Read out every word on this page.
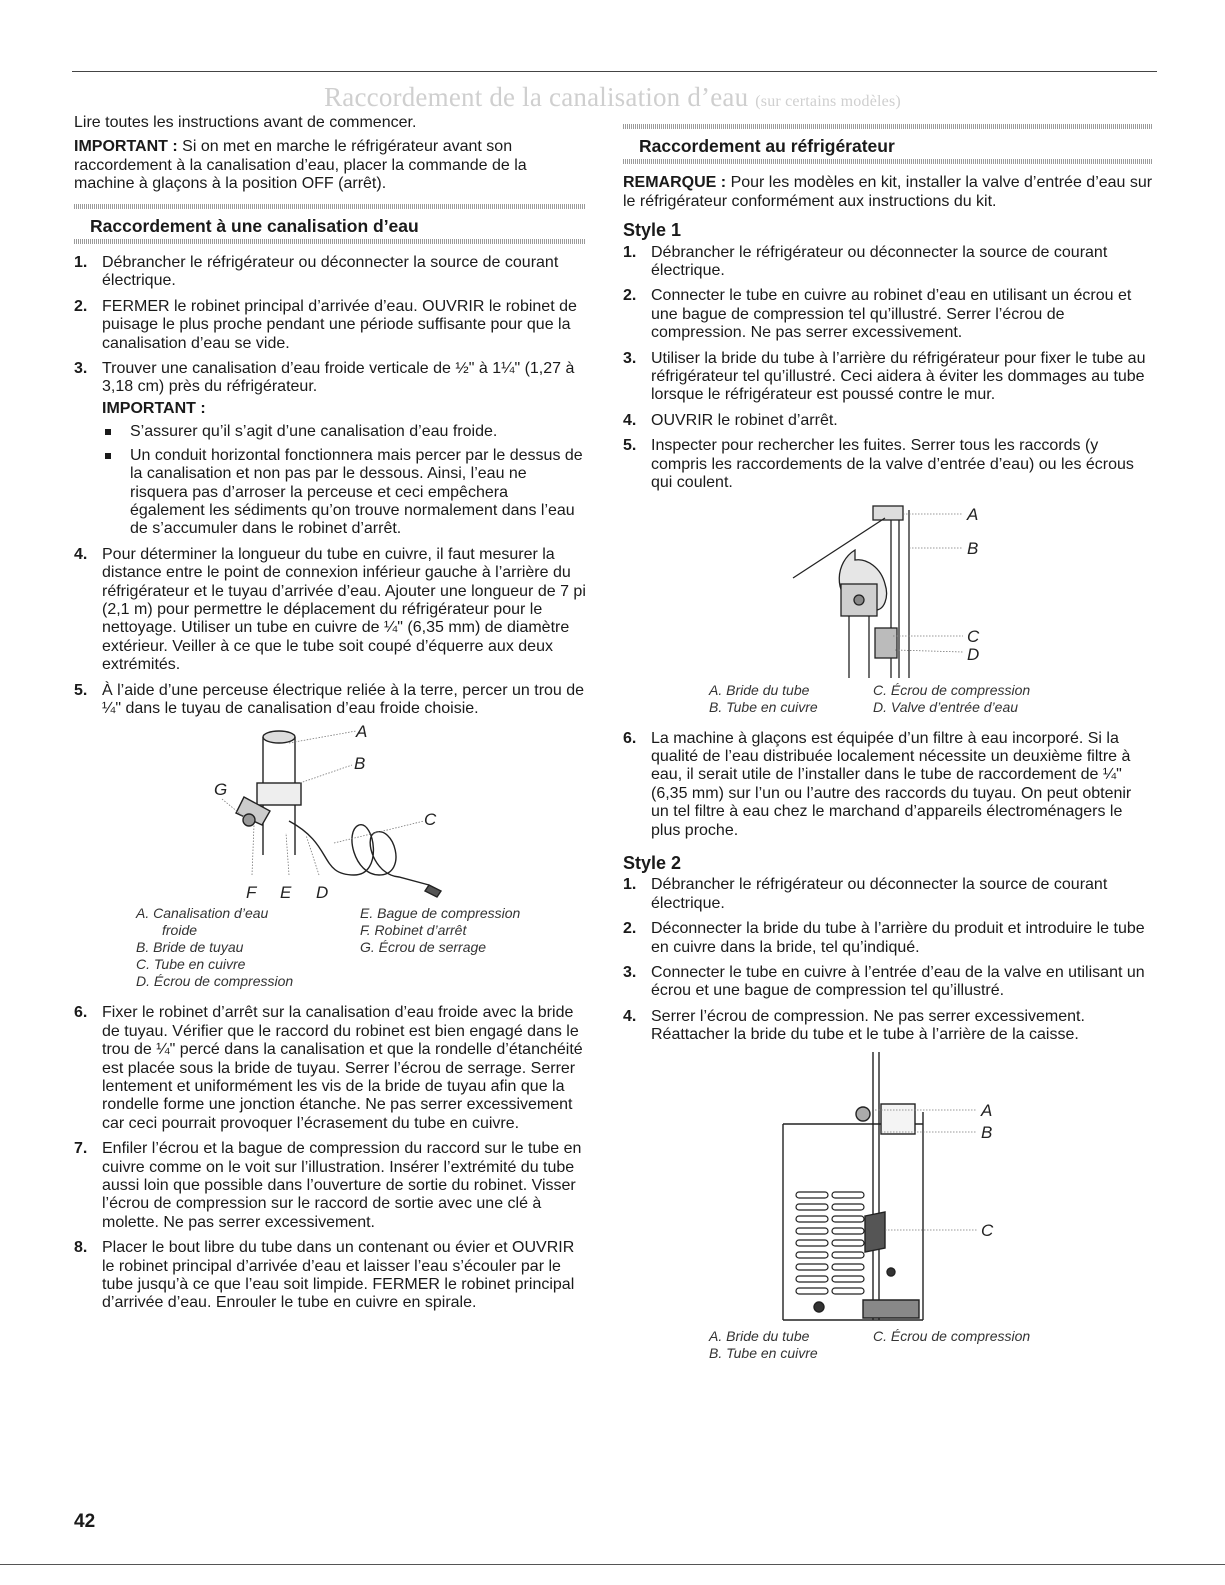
Raccordement de la canalisation d’eau (sur certains modèles)

Lire toutes les instructions avant de commencer.

IMPORTANT : Si on met en marche le réfrigérateur avant son raccordement à la canalisation d’eau, placer la commande de la machine à glaçons à la position OFF (arrêt).

Raccordement à une canalisation d’eau
1. Débrancher le réfrigérateur ou déconnecter la source de courant électrique.
2. FERMER le robinet principal d’arrivée d’eau. OUVRIR le robinet de puisage le plus proche pendant une période suffisante pour que la canalisation d’eau se vide.
3. Trouver une canalisation d’eau froide verticale de ½" à 1¼" (1,27 à 3,18 cm) près du réfrigérateur.
IMPORTANT :
S’assurer qu’il s’agit d’une canalisation d’eau froide.
Un conduit horizontal fonctionnera mais percer par le dessus de la canalisation et non pas par le dessous. Ainsi, l’eau ne risquera pas d’arroser la perceuse et ceci empêchera également les sédiments qu’on trouve normalement dans l’eau de s’accumuler dans le robinet d’arrêt.
4. Pour déterminer la longueur du tube en cuivre, il faut mesurer la distance entre le point de connexion inférieur gauche à l’arrière du réfrigérateur et le tuyau d’arrivée d’eau. Ajouter une longueur de 7 pi (2,1 m) pour permettre le déplacement du réfrigérateur pour le nettoyage. Utiliser un tube en cuivre de ¼" (6,35 mm) de diamètre extérieur. Veiller à ce que le tube soit coupé d’équerre aux deux extrémités.
5. À l’aide d’une perceuse électrique reliée à la terre, percer un trou de ¼" dans le tuyau de canalisation d’eau froide choisie.
A
B
C
G
F E D
A. Canalisation d’eau	E. Bague de compression
froide	F. Robinet d’arrêt
B. Bride de tuyau	G. Écrou de serrage
C. Tube en cuivre
D. Écrou de compression
6. Fixer le robinet d’arrêt sur la canalisation d’eau froide avec la bride de tuyau. Vérifier que le raccord du robinet est bien engagé dans le trou de ¼" percé dans la canalisation et que la rondelle d’étanchéité est placée sous la bride de tuyau. Serrer l’écrou de serrage. Serrer lentement et uniformément les vis de la bride de tuyau afin que la rondelle forme une jonction étanche. Ne pas serrer excessivement car ceci pourrait provoquer l’écrasement du tube en cuivre.
7. Enfiler l’écrou et la bague de compression du raccord sur le tube en cuivre comme on le voit sur l’illustration. Insérer l’extrémité du tube aussi loin que possible dans l’ouverture de sortie du robinet. Visser l’écrou de compression sur le raccord de sortie avec une clé à molette. Ne pas serrer excessivement.
8. Placer le bout libre du tube dans un contenant ou évier et OUVRIR le robinet principal d’arrivée d’eau et laisser l’eau s’écouler par le tube jusqu’à ce que l’eau soit limpide. FERMER le robinet principal d’arrivée d’eau. Enrouler le tube en cuivre en spirale.
Raccordement au réfrigérateur

REMARQUE : Pour les modèles en kit, installer la valve d’entrée d’eau sur le réfrigérateur conformément aux instructions du kit.

Style 1
1. Débrancher le réfrigérateur ou déconnecter la source de courant électrique.
2. Connecter le tube en cuivre au robinet d’eau en utilisant un écrou et une bague de compression tel qu’illustré. Serrer l’écrou de compression. Ne pas serrer excessivement.
3. Utiliser la bride du tube à l’arrière du réfrigérateur pour fixer le tube au réfrigérateur tel qu’illustré. Ceci aidera à éviter les dommages au tube lorsque le réfrigérateur est poussé contre le mur.
4. OUVRIR le robinet d’arrêt.
5. Inspecter pour rechercher les fuites. Serrer tous les raccords (y compris les raccordements de la valve d’entrée d’eau) ou les écrous qui coulent.
A
B
C
D
A. Bride du tube	C. Écrou de compression
B. Tube en cuivre	D. Valve d’entrée d’eau
6. La machine à glaçons est équipée d’un filtre à eau incorporé. Si la qualité de l’eau distribuée localement nécessite un deuxième filtre à eau, il serait utile de l’installer dans le tube de raccordement de ¼" (6,35 mm) sur l’un ou l’autre des raccords du tuyau. On peut obtenir un tel filtre à eau chez le marchand d’appareils électroménagers le plus proche.
Style 2
1. Débrancher le réfrigérateur ou déconnecter la source de courant électrique.
2. Déconnecter la bride du tube à l’arrière du produit et introduire le tube en cuivre dans la bride, tel qu’indiqué.
3. Connecter le tube en cuivre à l’entrée d’eau de la valve en utilisant un écrou et une bague de compression tel qu’illustré.
4. Serrer l’écrou de compression. Ne pas serrer excessivement. Réattacher la bride du tube et le tube à l’arrière de la caisse.
A
B
C
A. Bride du tube	C. Écrou de compression
B. Tube en cuivre
42
